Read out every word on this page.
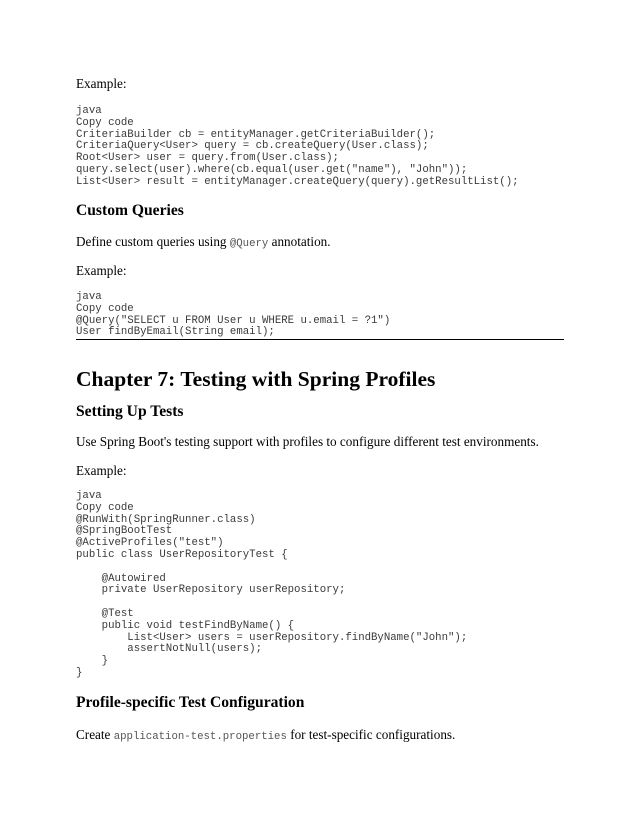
Example:
java
Copy code
CriteriaBuilder cb = entityManager.getCriteriaBuilder();
CriteriaQuery<User> query = cb.createQuery(User.class);
Root<User> user = query.from(User.class);
query.select(user).where(cb.equal(user.get("name"), "John"));
List<User> result = entityManager.createQuery(query).getResultList();
Custom Queries
Define custom queries using @Query annotation.
Example:
java
Copy code
@Query("SELECT u FROM User u WHERE u.email = ?1")
User findByEmail(String email);
Chapter 7: Testing with Spring Profiles
Setting Up Tests
Use Spring Boot's testing support with profiles to configure different test environments.
Example:
java
Copy code
@RunWith(SpringRunner.class)
@SpringBootTest
@ActiveProfiles("test")
public class UserRepositoryTest {
@Autowired
private UserRepository userRepository;
@Test
public void testFindByName() {
List<User> users = userRepository.findByName("John");
assertNotNull(users);
}
}
Profile-specific Test Configuration
Create application-test.properties for test-specific configurations.
